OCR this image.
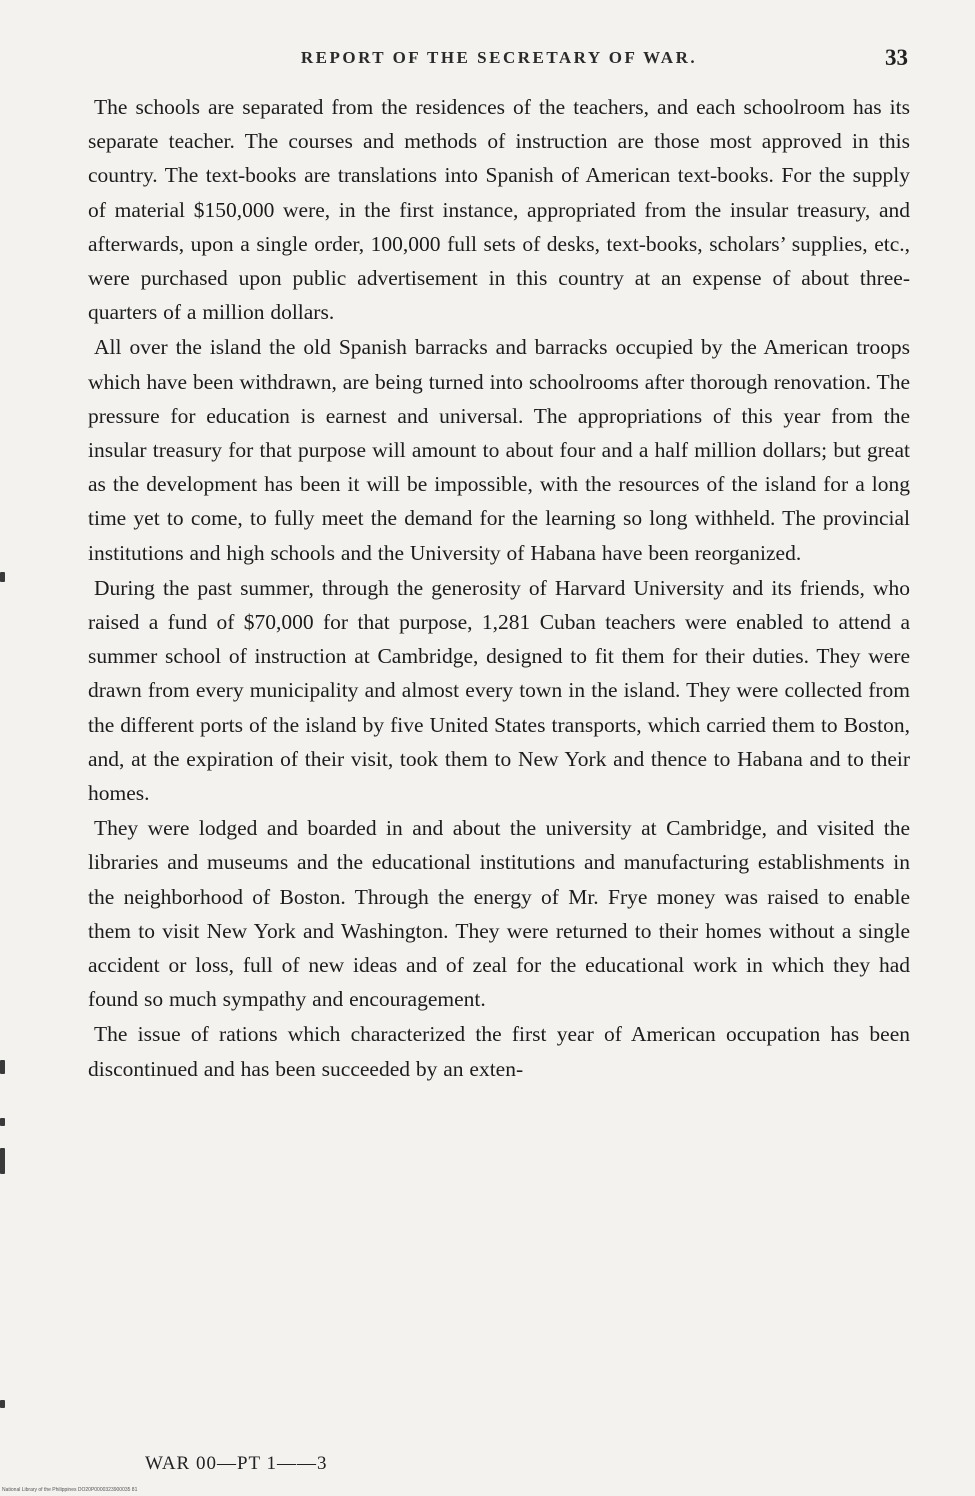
REPORT OF THE SECRETARY OF WAR.	33

The schools are separated from the residences of the teachers, and each schoolroom has its separate teacher. The courses and methods of instruction are those most approved in this country. The text-books are translations into Spanish of American text-books. For the supply of material $150,000 were, in the first instance, appropriated from the insular treasury, and afterwards, upon a single order, 100,000 full sets of desks, text-books, scholars’ supplies, etc., were purchased upon public advertisement in this country at an expense of about three-quarters of a million dollars.

All over the island the old Spanish barracks and barracks occupied by the American troops which have been withdrawn, are being turned into schoolrooms after thorough renovation. The pressure for education is earnest and universal. The appropriations of this year from the insular treasury for that purpose will amount to about four and a half million dollars; but great as the development has been it will be impossible, with the resources of the island for a long time yet to come, to fully meet the demand for the learning so long withheld. The provincial institutions and high schools and the University of Habana have been reorganized.

During the past summer, through the generosity of Harvard University and its friends, who raised a fund of $70,000 for that purpose, 1,281 Cuban teachers were enabled to attend a summer school of instruction at Cambridge, designed to fit them for their duties. They were drawn from every municipality and almost every town in the island. They were collected from the different ports of the island by five United States transports, which carried them to Boston, and, at the expiration of their visit, took them to New York and thence to Habana and to their homes.

They were lodged and boarded in and about the university at Cambridge, and visited the libraries and museums and the educational institutions and manufacturing establishments in the neighborhood of Boston. Through the energy of Mr. Frye money was raised to enable them to visit New York and Washington. They were returned to their homes without a single accident or loss, full of new ideas and of zeal for the educational work in which they had found so much sympathy and encouragement.

The issue of rations which characterized the first year of American occupation has been discontinued and has been succeeded by an exten-

WAR 00—PT 1——3
National Library of the Philippines DO20P0000323900035 81
